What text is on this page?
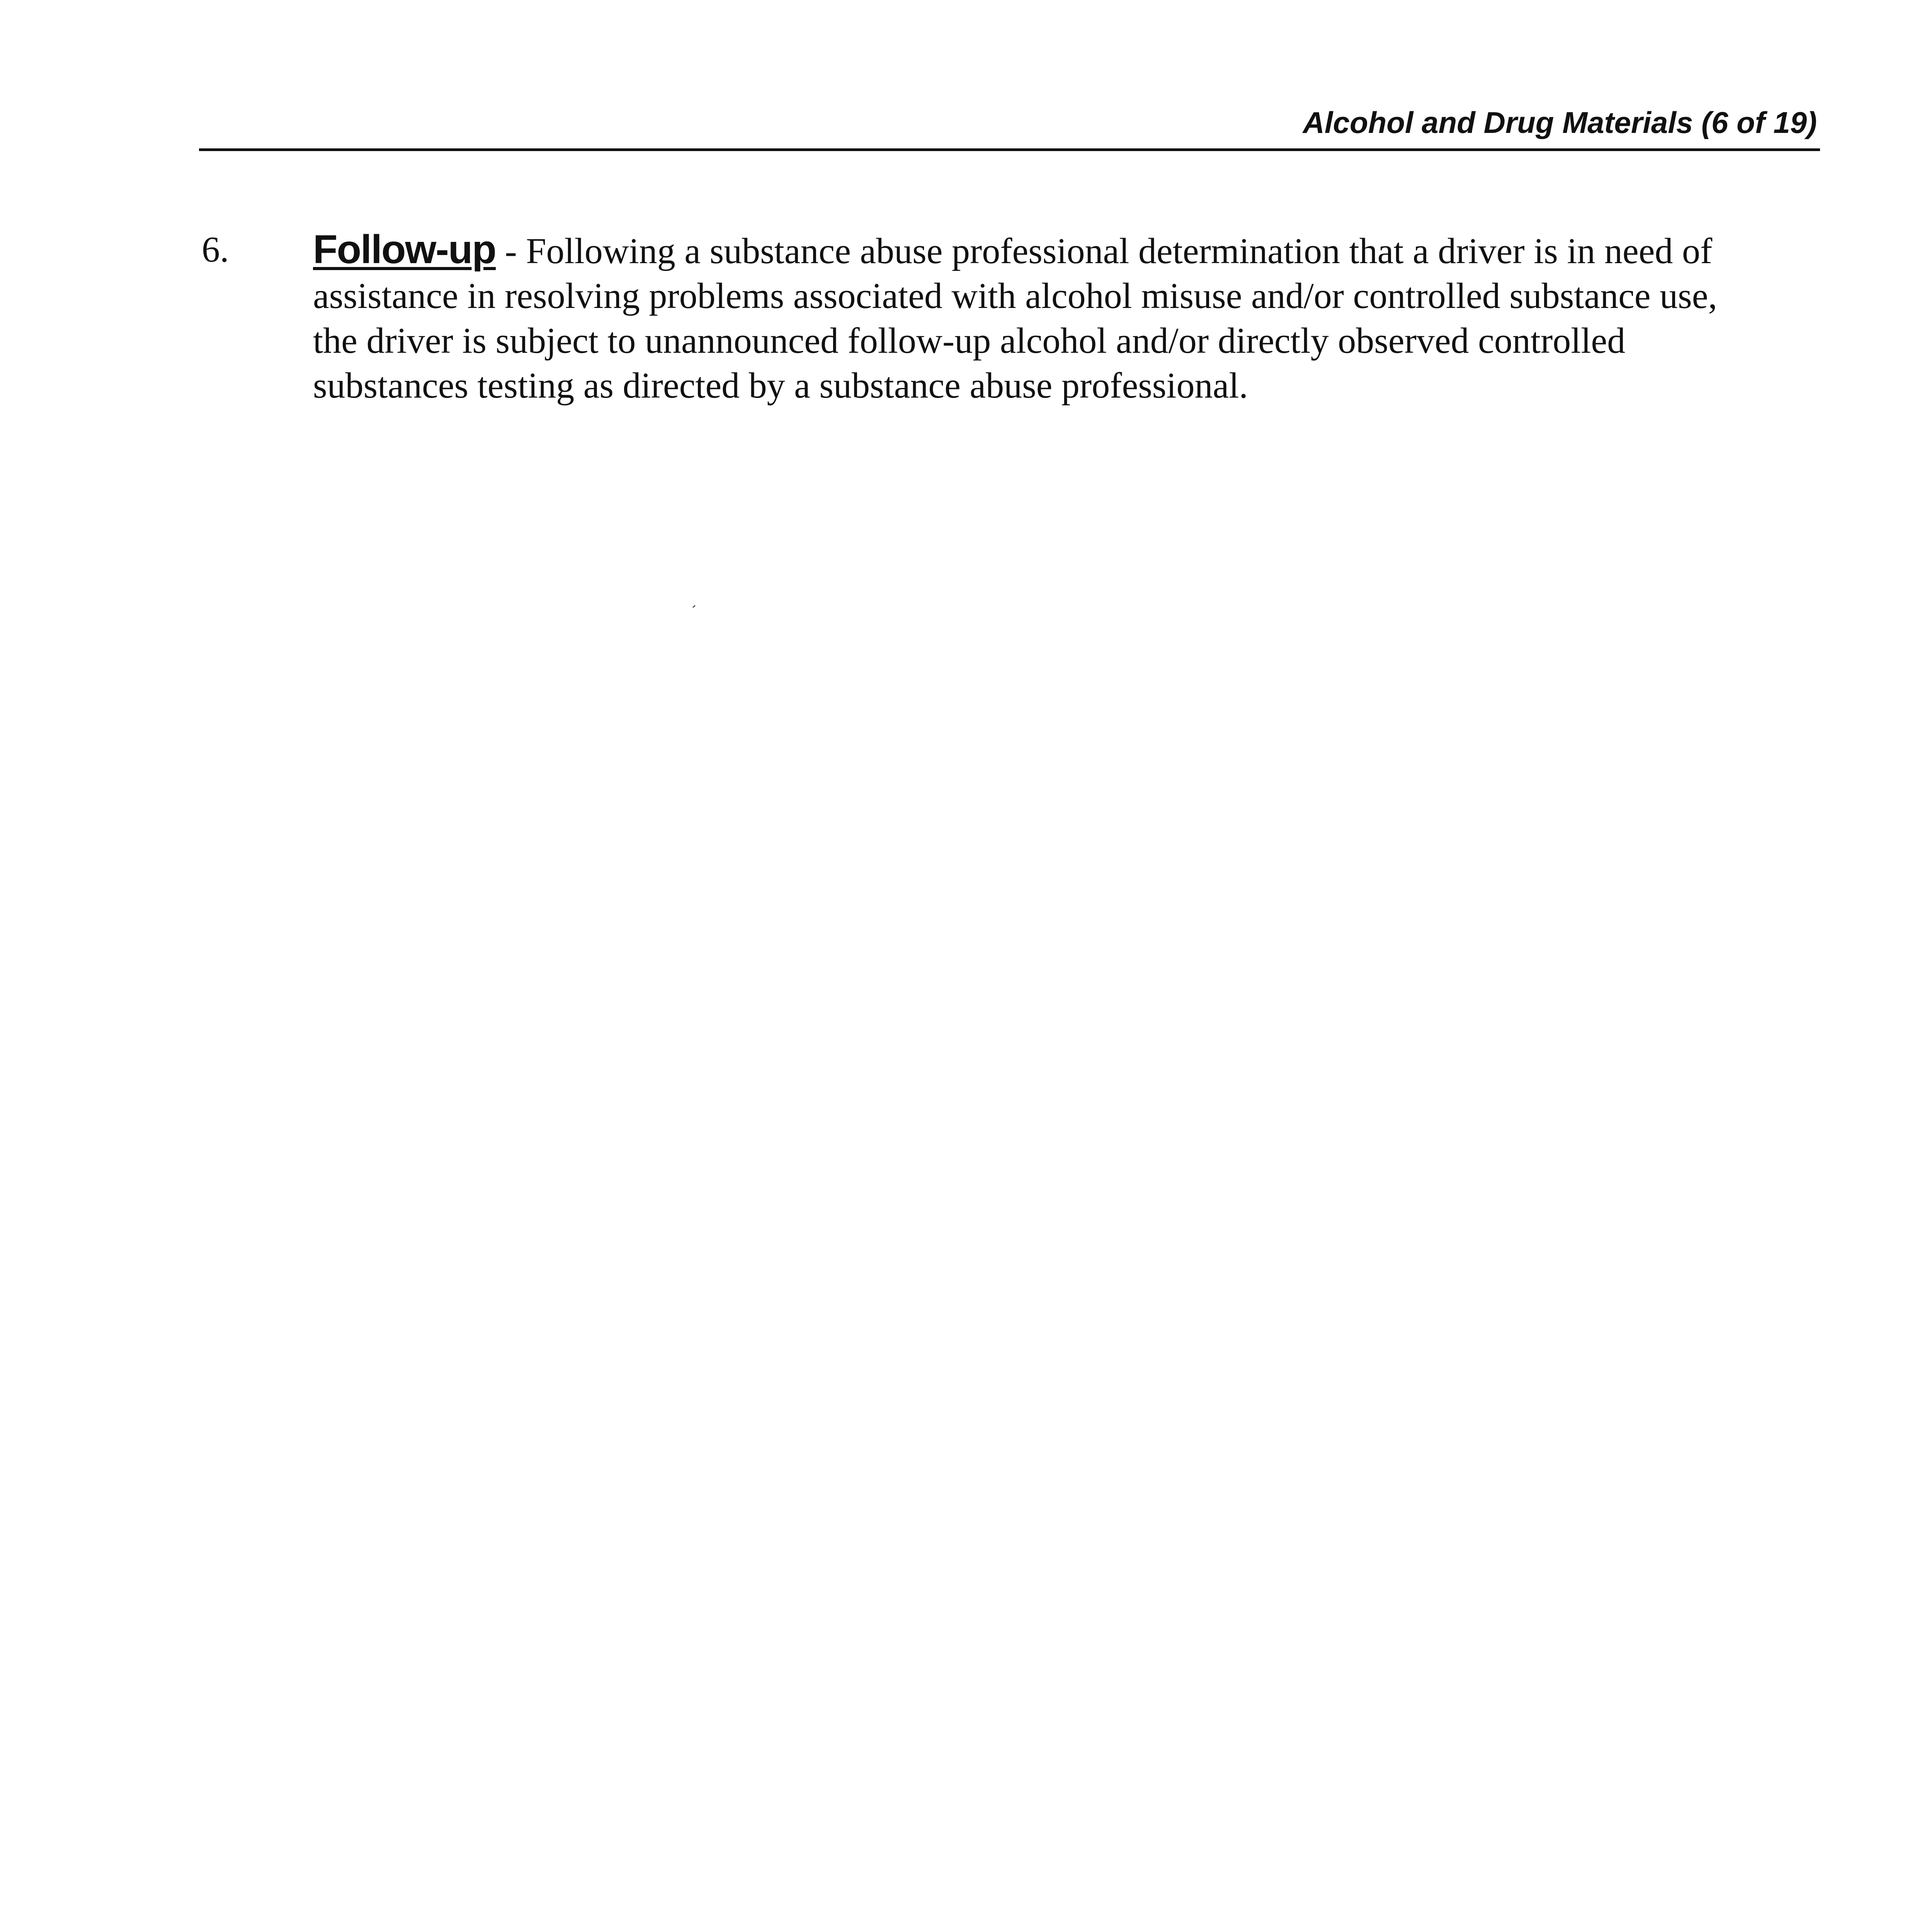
Alcohol and Drug Materials (6 of 19)
6. Follow-up - Following a substance abuse professional determination that a driver is in need of
assistance in resolving problems associated with alcohol misuse and/or controlled substance use,
the driver is subject to unannounced follow-up alcohol and/or directly observed controlled
substances testing as directed by a substance abuse professional.
